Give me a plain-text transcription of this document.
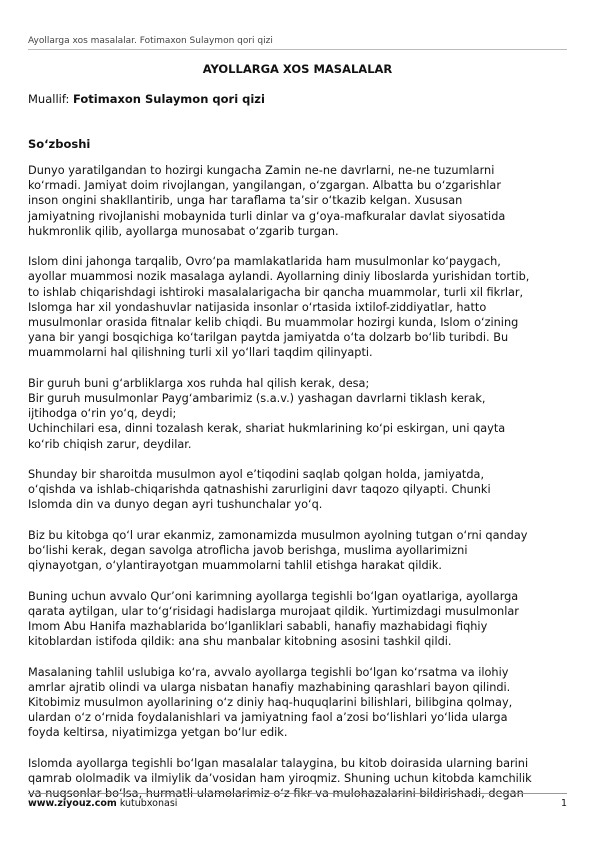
Ayollarga xos masalalar. Fotimaxon Sulaymon qori qizi
AYOLLARGA XOS MASALALAR
Muallif: Fotimaxon Sulaymon qori qizi
So‘zboshi
Dunyo yaratilgandan to hozirgi kungacha Zamin ne-ne davrlarni, ne-ne tuzumlarni
ko‘rmadi. Jamiyat doim rivojlangan, yangilangan, o‘zgargan. Albatta bu o‘zgarishlar
inson ongini shakllantirib, unga har taraflama ta’sir o‘tkazib kelgan. Xususan
jamiyatning rivojlanishi mobaynida turli dinlar va g‘oya-mafkuralar davlat siyosatida
hukmronlik qilib, ayollarga munosabat o‘zgarib turgan.
Islom dini jahonga tarqalib, Ovro‘pa mamlakatlarida ham musulmonlar ko‘paygach,
ayollar muammosi nozik masalaga aylandi. Ayollarning diniy liboslarda yurishidan tortib,
to ishlab chiqarishdagi ishtiroki masalalarigacha bir qancha muammolar, turli xil fikrlar,
Islomga har xil yondashuvlar natijasida insonlar o‘rtasida ixtilof-ziddiyatlar, hatto
musulmonlar orasida fitnalar kelib chiqdi. Bu muammolar hozirgi kunda, Islom o‘zining
yana bir yangi bosqichiga ko‘tarilgan paytda jamiyatda o‘ta dolzarb bo‘lib turibdi. Bu
muammolarni hal qilishning turli xil yo‘llari taqdim qilinyapti.
Bir guruh buni g‘arbliklarga xos ruhda hal qilish kerak, desa;
Bir guruh musulmonlar Payg‘ambarimiz (s.a.v.) yashagan davrlarni tiklash kerak,
ijtihodga o‘rin yo‘q, deydi;
Uchinchilari esa, dinni tozalash kerak, shariat hukmlarining ko‘pi eskirgan, uni qayta
ko‘rib chiqish zarur, deydilar.
Shunday bir sharoitda musulmon ayol e’tiqodini saqlab qolgan holda, jamiyatda,
o‘qishda va ishlab-chiqarishda qatnashishi zarurligini davr taqozo qilyapti. Chunki
Islomda din va dunyo degan ayri tushunchalar yo‘q.
Biz bu kitobga qo‘l urar ekanmiz, zamonamizda musulmon ayolning tutgan o‘rni qanday
bo‘lishi kerak, degan savolga atroflicha javob berishga, muslima ayollarimizni
qiynayotgan, o‘ylantirayotgan muammolarni tahlil etishga harakat qildik.
Buning uchun avvalo Qur’oni karimning ayollarga tegishli bo‘lgan oyatlariga, ayollarga
qarata aytilgan, ular to‘g‘risidagi hadislarga murojaat qildik. Yurtimizdagi musulmonlar
Imom Abu Hanifa mazhablarida bo‘lganliklari sababli, hanafiy mazhabidagi fiqhiy
kitoblardan istifoda qildik: ana shu manbalar kitobning asosini tashkil qildi.
Masalaning tahlil uslubiga ko‘ra, avvalo ayollarga tegishli bo‘lgan ko‘rsatma va ilohiy
amrlar ajratib olindi va ularga nisbatan hanafiy mazhabining qarashlari bayon qilindi.
Kitobimiz musulmon ayollarining o‘z diniy haq-huquqlarini bilishlari, bilibgina qolmay,
ulardan o‘z o‘rnida foydalanishlari va jamiyatning faol a’zosi bo‘lishlari yo‘lida ularga
foyda keltirsa, niyatimizga yetgan bo‘lur edik.
Islomda ayollarga tegishli bo‘lgan masalalar talaygina, bu kitob doirasida ularning barini
qamrab ololmadik va ilmiylik da’vosidan ham yiroqmiz. Shuning uchun kitobda kamchilik
va nuqsonlar bo‘lsa, hurmatli ulamolarimiz o‘z fikr va mulohazalarini bildirishadi, degan
www.ziyouz.com kutubxonasi	1
